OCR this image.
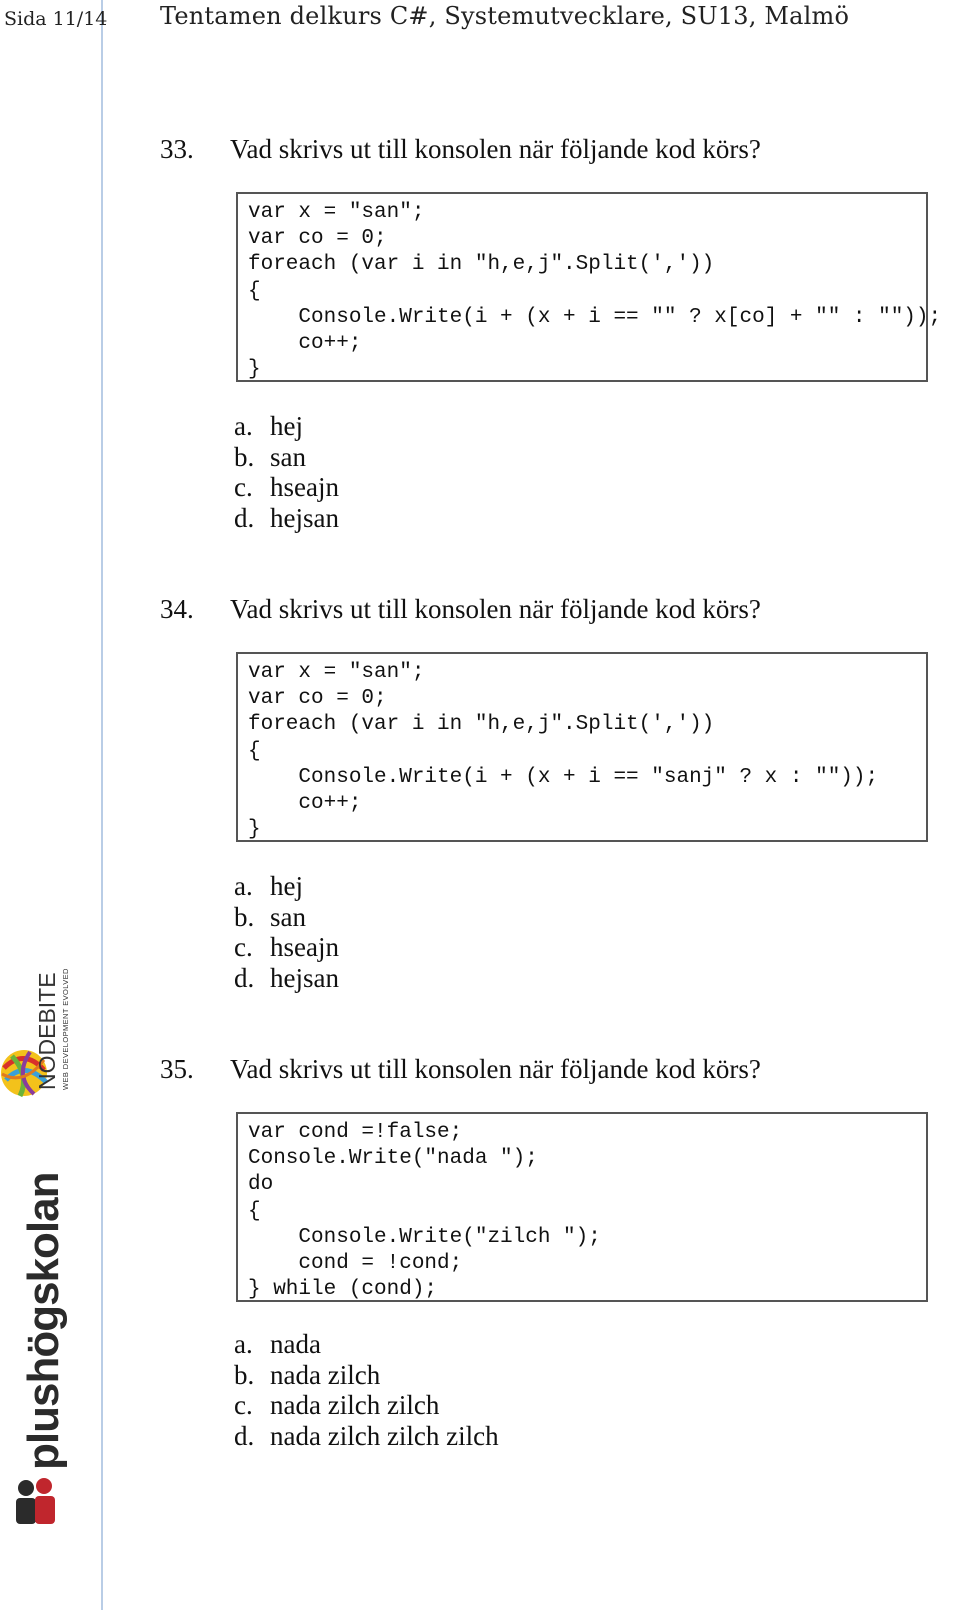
Sida 11/14 Tentamen delkurs C#, Systemutvecklare, SU13, Malmö
33. Vad skrivs ut till konsolen när följande kod körs?
var x = "san";
var co = 0;
foreach (var i in "h,e,j".Split(','))
{
Console.Write(i + (x + i == "" ? x[co] + "" : ""));
co++;
}
a. hej
b. san
c. hseajn
d. hejsan
34. Vad skrivs ut till konsolen när följande kod körs?
var x = "san";
var co = 0;
foreach (var i in "h,e,j".Split(','))
{
Console.Write(i + (x + i == "sanj" ? x : ""));
co++;
}
a. hej
b. san
c. hseajn
d. hejsan
35. Vad skrivs ut till konsolen när följande kod körs?
var cond =!false;
Console.Write("nada ");
do
{
Console.Write("zilch ");
cond = !cond;
} while (cond);
a. nada
b. nada zilch
c. nada zilch zilch
d. nada zilch zilch zilch
NODEBITE WEB DEVELOPMENT EVOLVED
plushögskolan
